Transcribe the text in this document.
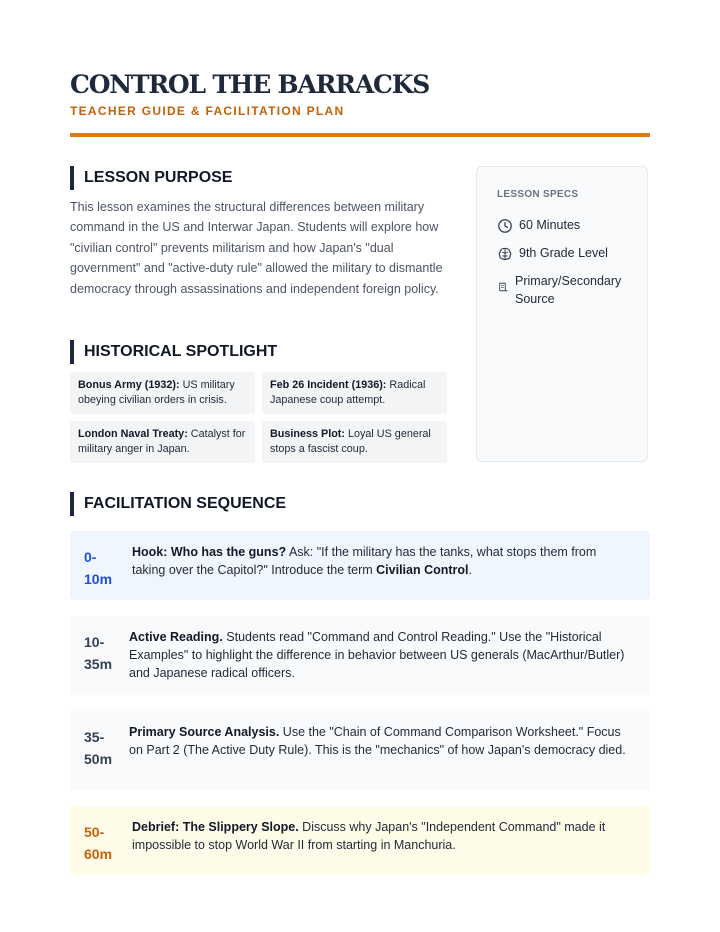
CONTROL THE BARRACKS
TEACHER GUIDE & FACILITATION PLAN
LESSON PURPOSE
This lesson examines the structural differences between military command in the US and Interwar Japan. Students will explore how "civilian control" prevents militarism and how Japan's "dual government" and "active-duty rule" allowed the military to dismantle democracy through assassinations and independent foreign policy.
HISTORICAL SPOTLIGHT
Bonus Army (1932): US military obeying civilian orders in crisis.
Feb 26 Incident (1936): Radical Japanese coup attempt.
London Naval Treaty: Catalyst for military anger in Japan.
Business Plot: Loyal US general stops a fascist coup.
LESSON SPECS
60 Minutes
9th Grade Level
Primary/Secondary Source
FACILITATION SEQUENCE
0-
10m
Hook: Who has the guns? Ask: "If the military has the tanks, what stops them from taking over the Capitol?" Introduce the term Civilian Control.
10-
35m
Active Reading. Students read "Command and Control Reading." Use the "Historical Examples" to highlight the difference in behavior between US generals (MacArthur/Butler) and Japanese radical officers.
35-
50m
Primary Source Analysis. Use the "Chain of Command Comparison Worksheet." Focus on Part 2 (The Active Duty Rule). This is the "mechanics" of how Japan's democracy died.
50-
60m
Debrief: The Slippery Slope. Discuss why Japan's "Independent Command" made it impossible to stop World War II from starting in Manchuria.
